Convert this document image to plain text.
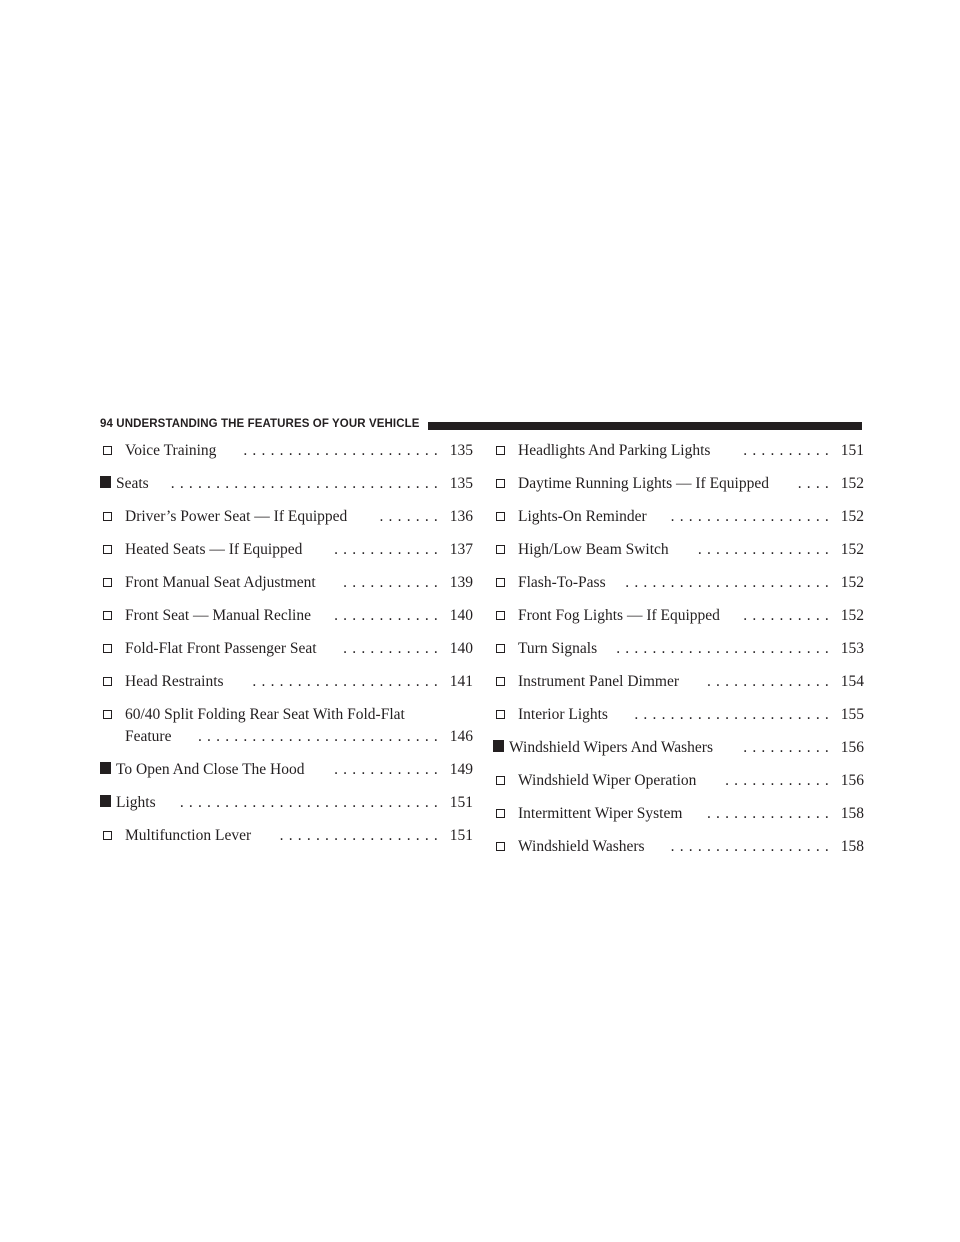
94 UNDERSTANDING THE FEATURES OF YOUR VEHICLE
Voice Training	...................... 135
Seats	.............................. 135
Driver’s Power Seat — If Equipped	....... 136
Heated Seats — If Equipped	............ 137
Front Manual Seat Adjustment	........... 139
Front Seat — Manual Recline	............ 140
Fold-Flat Front Passenger Seat	........... 140
Head Restraints	..................... 141
60/40 Split Folding Rear Seat With Fold-Flat
Feature	........................... 146
To Open And Close The Hood	............ 149
Lights	............................. 151
Multifunction Lever	.................. 151
Headlights And Parking Lights	.......... 151
Daytime Running Lights — If Equipped	.... 152
Lights-On Reminder	.................. 152
High/Low Beam Switch	............... 152
Flash-To-Pass	....................... 152
Front Fog Lights — If Equipped	.......... 152
Turn Signals	........................ 153
Instrument Panel Dimmer	.............. 154
Interior Lights	...................... 155
Windshield Wipers And Washers	.......... 156
Windshield Wiper Operation	............ 156
Intermittent Wiper System	.............. 158
Windshield Washers	.................. 158
